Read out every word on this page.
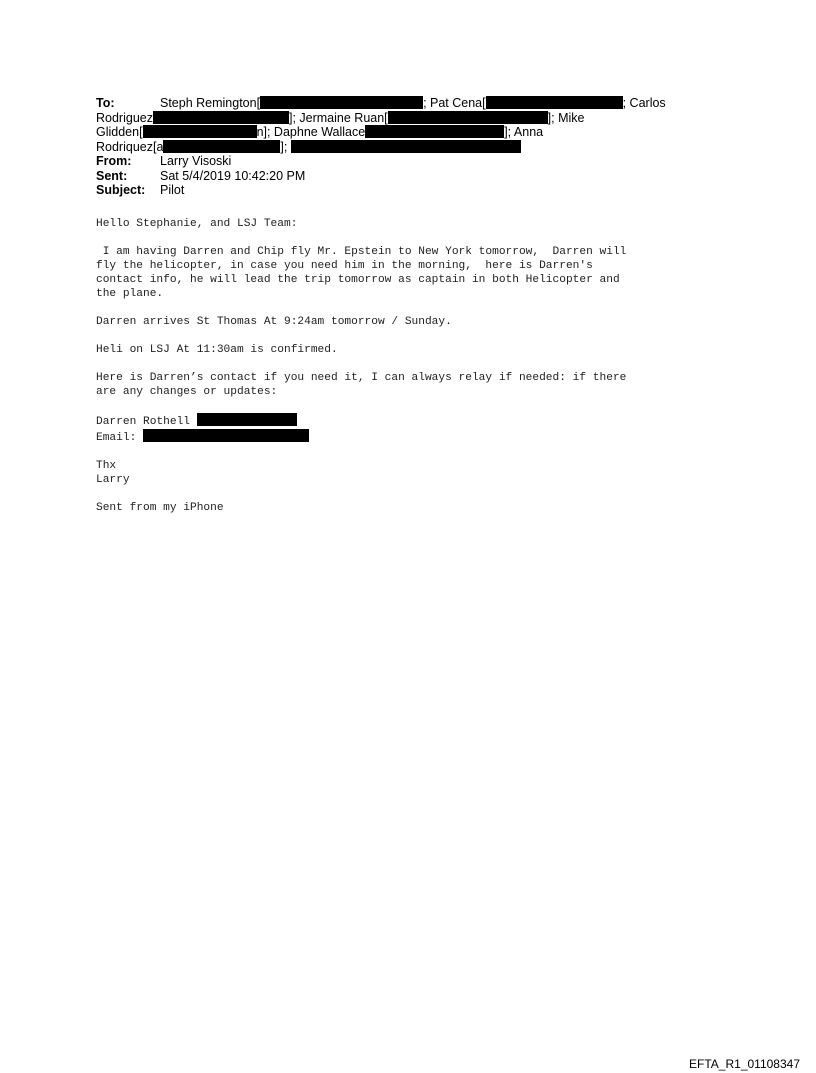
To:	Steph Remington[	; Pat Cena[	; Carlos
Rodriguez	]; Jermaine Ruan[	]; Mike
Glidden[	n]; Daphne Wallace	]; Anna
Rodriquez[a	];
From: Larry Visoski
Sent:	Sat 5/4/2019 10:42:20 PM
Subject: Pilot

Hello Stephanie, and LSJ Team:

I am having Darren and Chip fly Mr. Epstein to New York tomorrow,  Darren will
fly the helicopter, in case you need him in the morning,  here is Darren's
contact info, he will lead the trip tomorrow as captain in both Helicopter and
the plane.

Darren arrives St Thomas At 9:24am tomorrow / Sunday.

Heli on LSJ At 11:30am is confirmed.

Here is Darren’s contact if you need it, I can always relay if needed: if there
are any changes or updates:

Darren Rothell
Email:

Thx
Larry

Sent from my iPhone

EFTA_R1_01108347
